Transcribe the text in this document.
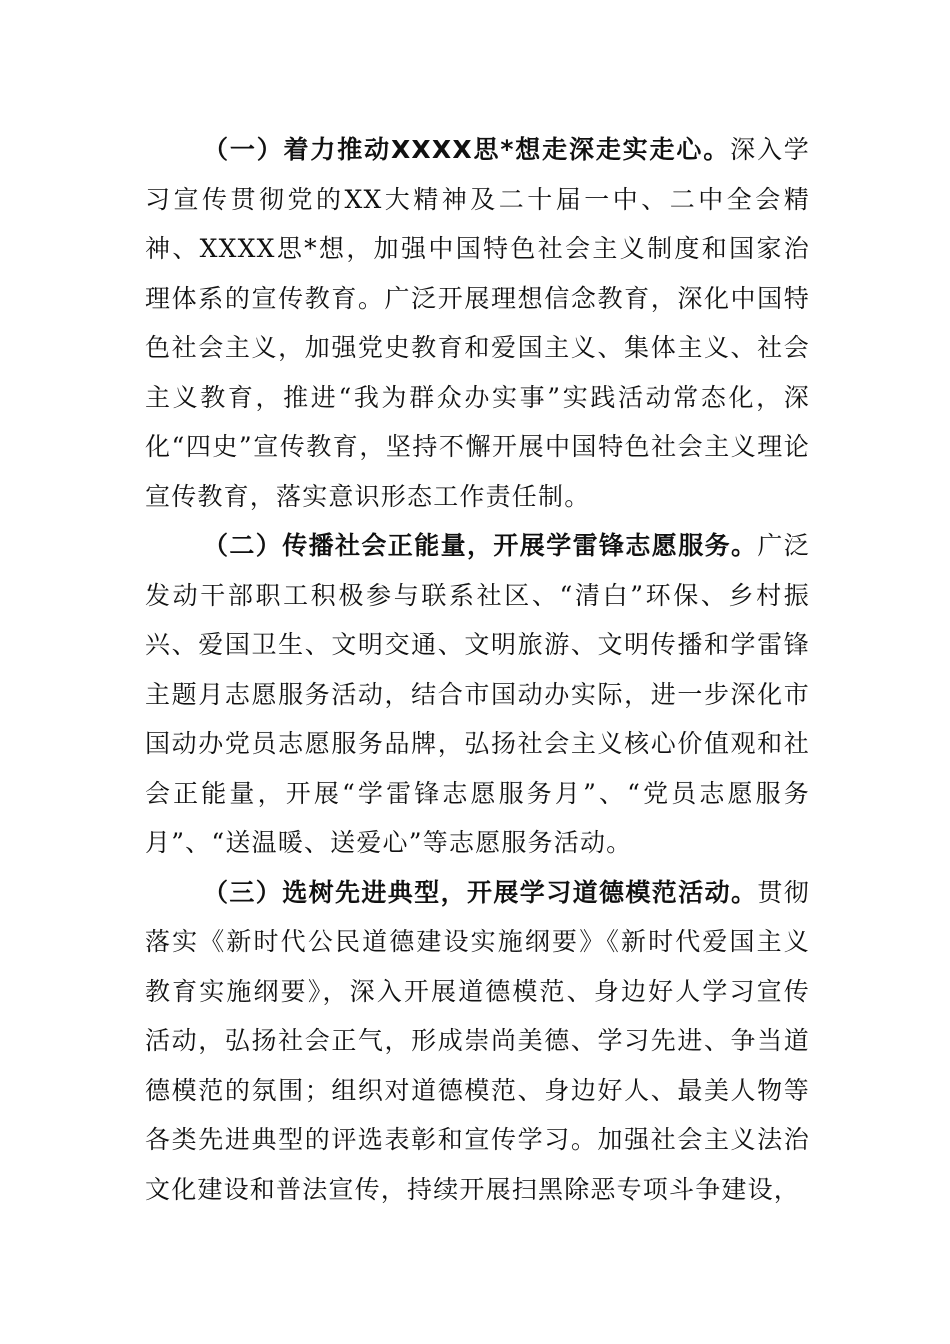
（一）着力推动XXXX思*想走深走实走心。深入学习宣传贯彻党的XX大精神及二十届一中、二中全会精神、XXXX思*想，加强中国特色社会主义制度和国家治理体系的宣传教育。广泛开展理想信念教育，深化中国特色社会主义，加强党史教育和爱国主义、集体主义、社会主义教育，推进“我为群众办实事”实践活动常态化，深化“四史”宣传教育，坚持不懈开展中国特色社会主义理论宣传教育，落实意识形态工作责任制。

（二）传播社会正能量，开展学雷锋志愿服务。广泛发动干部职工积极参与联系社区、“清白”环保、乡村振兴、爱国卫生、文明交通、文明旅游、文明传播和学雷锋主题月志愿服务活动，结合市国动办实际，进一步深化市国动办党员志愿服务品牌，弘扬社会主义核心价值观和社会正能量，开展“学雷锋志愿服务月”、“党员志愿服务月”、“送温暖、送爱心”等志愿服务活动。

（三）选树先进典型，开展学习道德模范活动。贯彻落实《新时代公民道德建设实施纲要》《新时代爱国主义教育实施纲要》，深入开展道德模范、身边好人学习宣传活动，弘扬社会正气，形成崇尚美德、学习先进、争当道德模范的氛围；组织对道德模范、身边好人、最美人物等各类先进典型的评选表彰和宣传学习。加强社会主义法治文化建设和普法宣传，持续开展扫黑除恶专项斗争建设，
